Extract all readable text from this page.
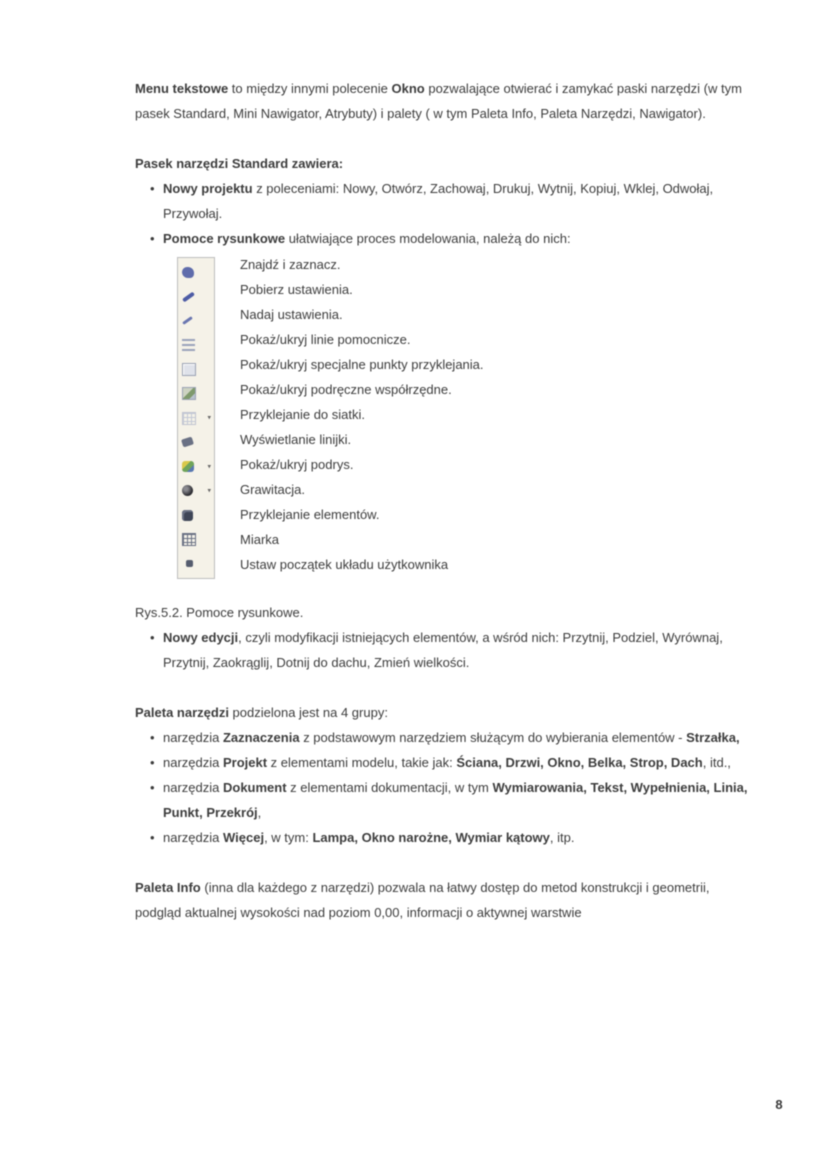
Menu tekstowe to między innymi polecenie Okno pozwalające otwierać i zamykać paski narzędzi (w tym pasek Standard, Mini Nawigator, Atrybuty) i palety ( w tym Paleta Info, Paleta Narzędzi, Nawigator).
Pasek narzędzi Standard zawiera:
• Nowy projektu z poleceniami: Nowy, Otwórz, Zachowaj, Drukuj, Wytnij, Kopiuj, Wklej, Odwołaj, Przywołaj.
• Pomoce rysunkowe ułatwiające proces modelowania, należą do nich:
▾
▾
▾
Znajdź i zaznacz.
Pobierz ustawienia.
Nadaj ustawienia.
Pokaż/ukryj linie pomocnicze.
Pokaż/ukryj specjalne punkty przyklejania.
Pokaż/ukryj podręczne współrzędne.
Przyklejanie do siatki.
Wyświetlanie linijki.
Pokaż/ukryj podrys.
Grawitacja.
Przyklejanie elementów.
Miarka
Ustaw początek układu użytkownika
Rys.5.2. Pomoce rysunkowe.
• Nowy edycji, czyli modyfikacji istniejących elementów, a wśród nich: Przytnij, Podziel, Wyrównaj, Przytnij, Zaokrąglij, Dotnij do dachu, Zmień wielkości.
Paleta narzędzi podzielona jest na 4 grupy:
• narzędzia Zaznaczenia z podstawowym narzędziem służącym do wybierania elementów - Strzałka,
• narzędzia Projekt z elementami modelu, takie jak: Ściana, Drzwi, Okno, Belka, Strop, Dach, itd.,
• narzędzia Dokument z elementami dokumentacji, w tym Wymiarowania, Tekst, Wypełnienia, Linia, Punkt, Przekrój,
• narzędzia Więcej, w tym: Lampa, Okno narożne, Wymiar kątowy, itp.
Paleta Info (inna dla każdego z narzędzi) pozwala na łatwy dostęp do metod konstrukcji i geometrii, podgląd aktualnej wysokości nad poziom 0,00, informacji o aktywnej warstwie
8
